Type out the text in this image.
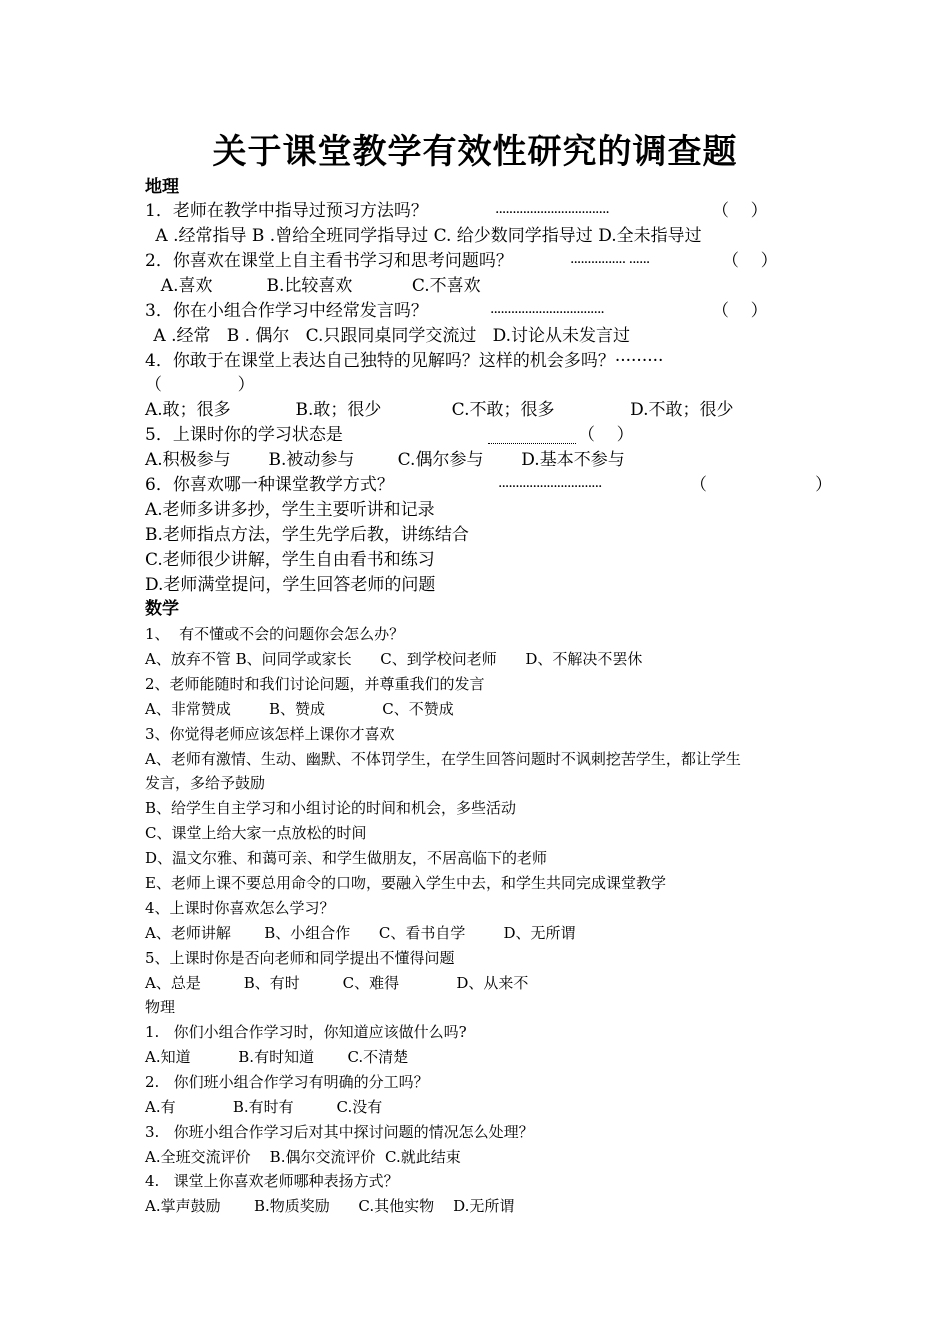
关于课堂教学有效性研究的调查题
地理
1．老师在教学中指导过预习方法吗？	·································	（    ）
A .经常指导 B .曾给全班同学指导过 C. 给少数同学指导过 D.全未指导过
2．你喜欢在课堂上自主看书学习和思考问题吗？	················ ······	（    ）
A.喜欢          B.比较喜欢           C.不喜欢
3．你在小组合作学习中经常发言吗？	·································	（    ）
A .经常   B . 偶尔   C.只跟同桌同学交流过   D.讨论从未发言过
4．你敢于在课堂上表达自己独特的见解吗？这样的机会多吗？·········
（              ）
A.敢；很多            B.敢；很少             C.不敢；很多              D.不敢；很少
5．上课时你的学习状态是	（    ）
A.积极参与       B.被动参与        C.偶尔参与       D.基本不参与
6．你喜欢哪一种课堂教学方式？	······························	（                    ）
A.老师多讲多抄，学生主要听讲和记录
B.老师指点方法，学生先学后教，讲练结合
C.老师很少讲解，学生自由看书和练习
D.老师满堂提问，学生回答老师的问题
数学
1、  有不懂或不会的问题你会怎么办？
A、放弃不管 B、问同学或家长      C、到学校问老师      D、不解决不罢休
2、老师能随时和我们讨论问题，并尊重我们的发言
A、非常赞成        B、赞成            C、不赞成
3、你觉得老师应该怎样上课你才喜欢
A、老师有激情、生动、幽默、不体罚学生，在学生回答问题时不讽刺挖苦学生，都让学生
发言，多给予鼓励
B、给学生自主学习和小组讨论的时间和机会，多些活动
C、课堂上给大家一点放松的时间
D、温文尔雅、和蔼可亲、和学生做朋友，不居高临下的老师
E、老师上课不要总用命令的口吻，要融入学生中去，和学生共同完成课堂教学
4、上课时你喜欢怎么学习？
A、老师讲解       B、小组合作      C、看书自学        D、无所谓
5、上课时你是否向老师和同学提出不懂得问题
A、总是         B、有时         C、难得            D、从来不
物理
1.   你们小组合作学习时，你知道应该做什么吗?
A.知道          B.有时知道       C.不清楚
2.   你们班小组合作学习有明确的分工吗？
A.有            B.有时有         C.没有
3.   你班小组合作学习后对其中探讨问题的情况怎么处理？
A.全班交流评价    B.偶尔交流评价  C.就此结束
4.   课堂上你喜欢老师哪种表扬方式？
A.掌声鼓励       B.物质奖励      C.其他实物    D.无所谓
